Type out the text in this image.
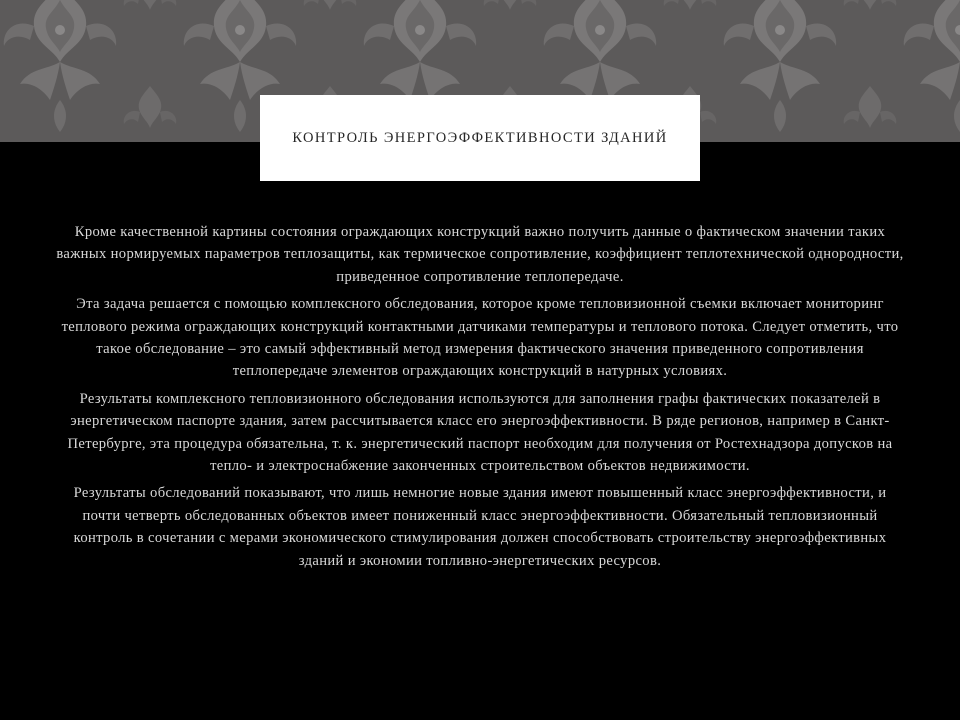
КОНТРОЛЬ ЭНЕРГОЭФФЕКТИВНОСТИ ЗДАНИЙ

Кроме качественной картины состояния ограждающих конструкций важно получить данные о фактическом значении таких важных нормируемых параметров теплозащиты, как термическое сопротивление, коэффициент теплотехнической однородности, приведенное сопротивление теплопередаче.

Эта задача решается с помощью комплексного обследования, которое кроме тепловизионной съемки включает мониторинг теплового режима ограждающих конструкций контактными датчиками температуры и теплового потока. Следует отметить, что такое обследование – это самый эффективный метод измерения фактического значения приведенного сопротивления теплопередаче элементов ограждающих конструкций в натурных условиях.

Результаты комплексного тепловизионного обследования используются для заполнения графы фактических показателей в энергетическом паспорте здания, затем рассчитывается класс его энергоэффективности. В ряде регионов, например в Санкт-Петербурге, эта процедура обязательна, т. к. энергетический паспорт необходим для получения от Ростехнадзора допусков на тепло- и электроснабжение законченных строительством объектов недвижимости.

Результаты обследований показывают, что лишь немногие новые здания имеют повышенный класс энергоэффективности, и почти четверть обследованных объектов имеет пониженный класс энергоэффективности. Обязательный тепловизионный контроль в сочетании с мерами экономического стимулирования должен способствовать строительству энергоэффективных зданий и экономии топливно-энергетических ресурсов.
